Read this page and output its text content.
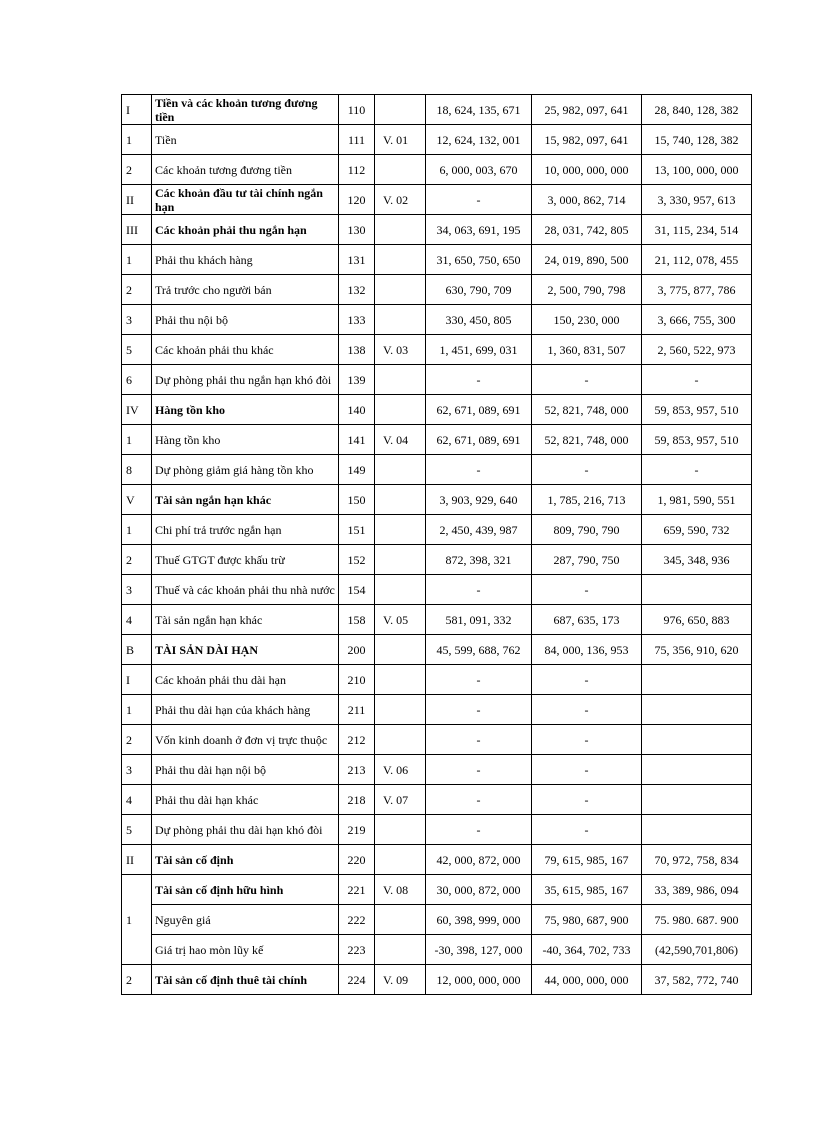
I	Tiền và các khoản tương đương tiền	110		18, 624, 135, 671	25, 982, 097, 641	28, 840, 128, 382
1	Tiền	111	V. 01	12, 624, 132, 001	15, 982, 097, 641	15, 740, 128, 382
2	Các khoản tương đương tiền	112		6, 000, 003, 670	10, 000, 000, 000	13, 100, 000, 000
II	Các khoản đầu tư tài chính ngắn hạn	120	V. 02	-	3, 000, 862, 714	3, 330, 957, 613
III	Các khoản phải thu ngắn hạn	130		34, 063, 691, 195	28, 031, 742, 805	31, 115, 234, 514
1	Phải thu khách hàng	131		31, 650, 750, 650	24, 019, 890, 500	21, 112, 078, 455
2	Trả trước cho người bán	132		630, 790, 709	2, 500, 790, 798	3, 775, 877, 786
3	Phải thu nội bộ	133		330, 450, 805	150, 230, 000	3, 666, 755, 300
5	Các khoản phải thu khác	138	V. 03	1, 451, 699, 031	1, 360, 831, 507	2, 560, 522, 973
6	Dự phòng phải thu ngắn hạn khó đòi	139		-	-	-
IV	Hàng tồn kho	140		62, 671, 089, 691	52, 821, 748, 000	59, 853, 957, 510
1	Hàng tồn kho	141	V. 04	62, 671, 089, 691	52, 821, 748, 000	59, 853, 957, 510
8	Dự phòng giảm giá hàng tồn kho	149		-	-	-
V	Tài sản ngắn hạn khác	150		3, 903, 929, 640	1, 785, 216, 713	1, 981, 590, 551
1	Chi phí trả trước ngắn hạn	151		2, 450, 439, 987	809, 790, 790	659, 590, 732
2	Thuế GTGT được khấu trừ	152		872, 398, 321	287, 790, 750	345, 348, 936
3	Thuế và các khoản phải thu nhà nước	154		-	-	
4	Tài sản ngắn hạn khác	158	V. 05	581, 091, 332	687, 635, 173	976, 650, 883
B	TÀI SẢN DÀI HẠN	200		45, 599, 688, 762	84, 000, 136, 953	75, 356, 910, 620
I	Các khoản phải thu dài hạn	210		-	-	
1	Phải thu dài hạn của khách hàng	211		-	-	
2	Vốn kinh doanh ở đơn vị trực thuộc	212		-	-	
3	Phải thu dài hạn nội bộ	213	V. 06	-	-	
4	Phải thu dài hạn khác	218	V. 07	-	-	
5	Dự phòng phải thu dài hạn khó đòi	219		-	-	
II	Tài sản cố định	220		42, 000, 872, 000	79, 615, 985, 167	70, 972, 758, 834
1	Tài sản cố định hữu hình	221	V. 08	30, 000, 872, 000	35, 615, 985, 167	33, 389, 986, 094
	Nguyên giá	222		60, 398, 999, 000	75, 980, 687, 900	75. 980. 687. 900
	Giá trị hao mòn lũy kế	223		-30, 398, 127, 000	-40, 364, 702, 733	(42,590,701,806)
2	Tài sản cố định thuê tài chính	224	V. 09	12, 000, 000, 000	44, 000, 000, 000	37, 582, 772, 740
